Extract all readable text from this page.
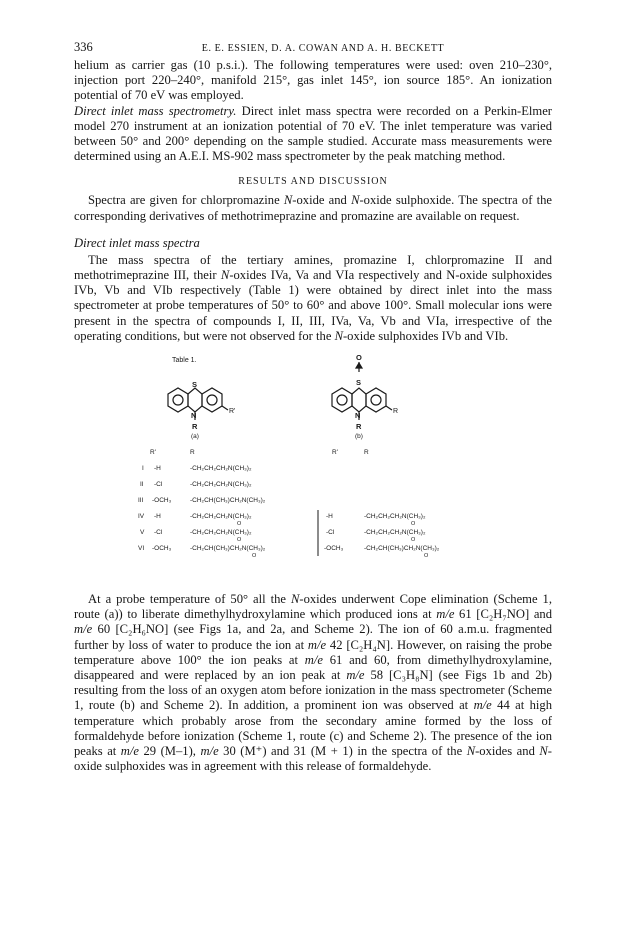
336	E. E. ESSIEN, D. A. COWAN AND A. H. BECKETT

helium as carrier gas (10 p.s.i.). The following temperatures were used: oven 210–230°, injection port 220–240°, manifold 215°, gas inlet 145°, ion source 185°. An ionization potential of 70 eV was employed.

Direct inlet mass spectrometry. Direct inlet mass spectra were recorded on a Perkin-Elmer model 270 instrument at an ionization potential of 70 eV. The inlet temperature was varied between 50° and 200° depending on the sample studied. Accurate mass measurements were determined using an A.E.I. MS-902 mass spectrometer by the peak matching method.

RESULTS AND DISCUSSION

Spectra are given for chlorpromazine N-oxide and N-oxide sulphoxide. The spectra of the corresponding derivatives of methotrimeprazine and promazine are available on request.

Direct inlet mass spectra

The mass spectra of the tertiary amines, promazine I, chlorpromazine II and methotrimeprazine III, their N-oxides IVa, Va and VIa respectively and N-oxide sulphoxides IVb, Vb and VIb respectively (Table 1) were obtained by direct inlet into the mass spectrometer at probe temperatures of 50° to 60° and above 100°. Small molecular ions were present in the spectra of compounds I, II, III, IVa, Va, Vb and VIa, irrespective of the operating conditions, but were not observed for the N-oxide sulphoxides IVb and VIb.

Table 1.
S
N	R'
R
(a)
O
S
N	R
R
(b)
R'	R	R'	R
I -H	-CH₂CH₂CH₂N(CH₃)₂
II -Cl	-CH₂CH₂CH₂N(CH₃)₂
III -OCH₃	-CH₂CH(CH₃)CH₂N(CH₃)₂
IV -H	-CH₂CH₂CH₂N(CH₃)₂
O
V -Cl	-CH₂CH₂CH₂N(CH₃)₂
O
VI -OCH₃	-CH₂CH(CH₃)CH₂N(CH₃)₂
O
-H	-CH₂CH₂CH₂N(CH₃)₂
O
-Cl	-CH₂CH₂CH₂N(CH₃)₂
O
-OCH₃	-CH₂CH(CH₃)CH₂N(CH₃)₂
O

At a probe temperature of 50° all the N-oxides underwent Cope elimination (Scheme 1, route (a)) to liberate dimethylhydroxylamine which produced ions at m/e 61 [C₂H₇NO] and m/e 60 [C₂H₆NO] (see Figs 1a, and 2a, and Scheme 2). The ion of 60 a.m.u. fragmented further by loss of water to produce the ion at m/e 42 [C₂H₄N]. However, on raising the probe temperature above 100° the ion peaks at m/e 61 and 60, from dimethylhydroxylamine, disappeared and were replaced by an ion peak at m/e 58 [C₃H₈N] (see Figs 1b and 2b) resulting from the loss of an oxygen atom before ionization in the mass spectrometer (Scheme 1, route (b) and Scheme 2). In addition, a prominent ion was observed at m/e 44 at high temperature which probably arose from the secondary amine formed by the loss of formaldehyde before ionization (Scheme 1, route (c) and Scheme 2). The presence of the ion peaks at m/e 29 (M–1), m/e 30 (M⁺) and 31 (M + 1) in the spectra of the N-oxides and N-oxide sulphoxides was in agreement with this release of formaldehyde.
